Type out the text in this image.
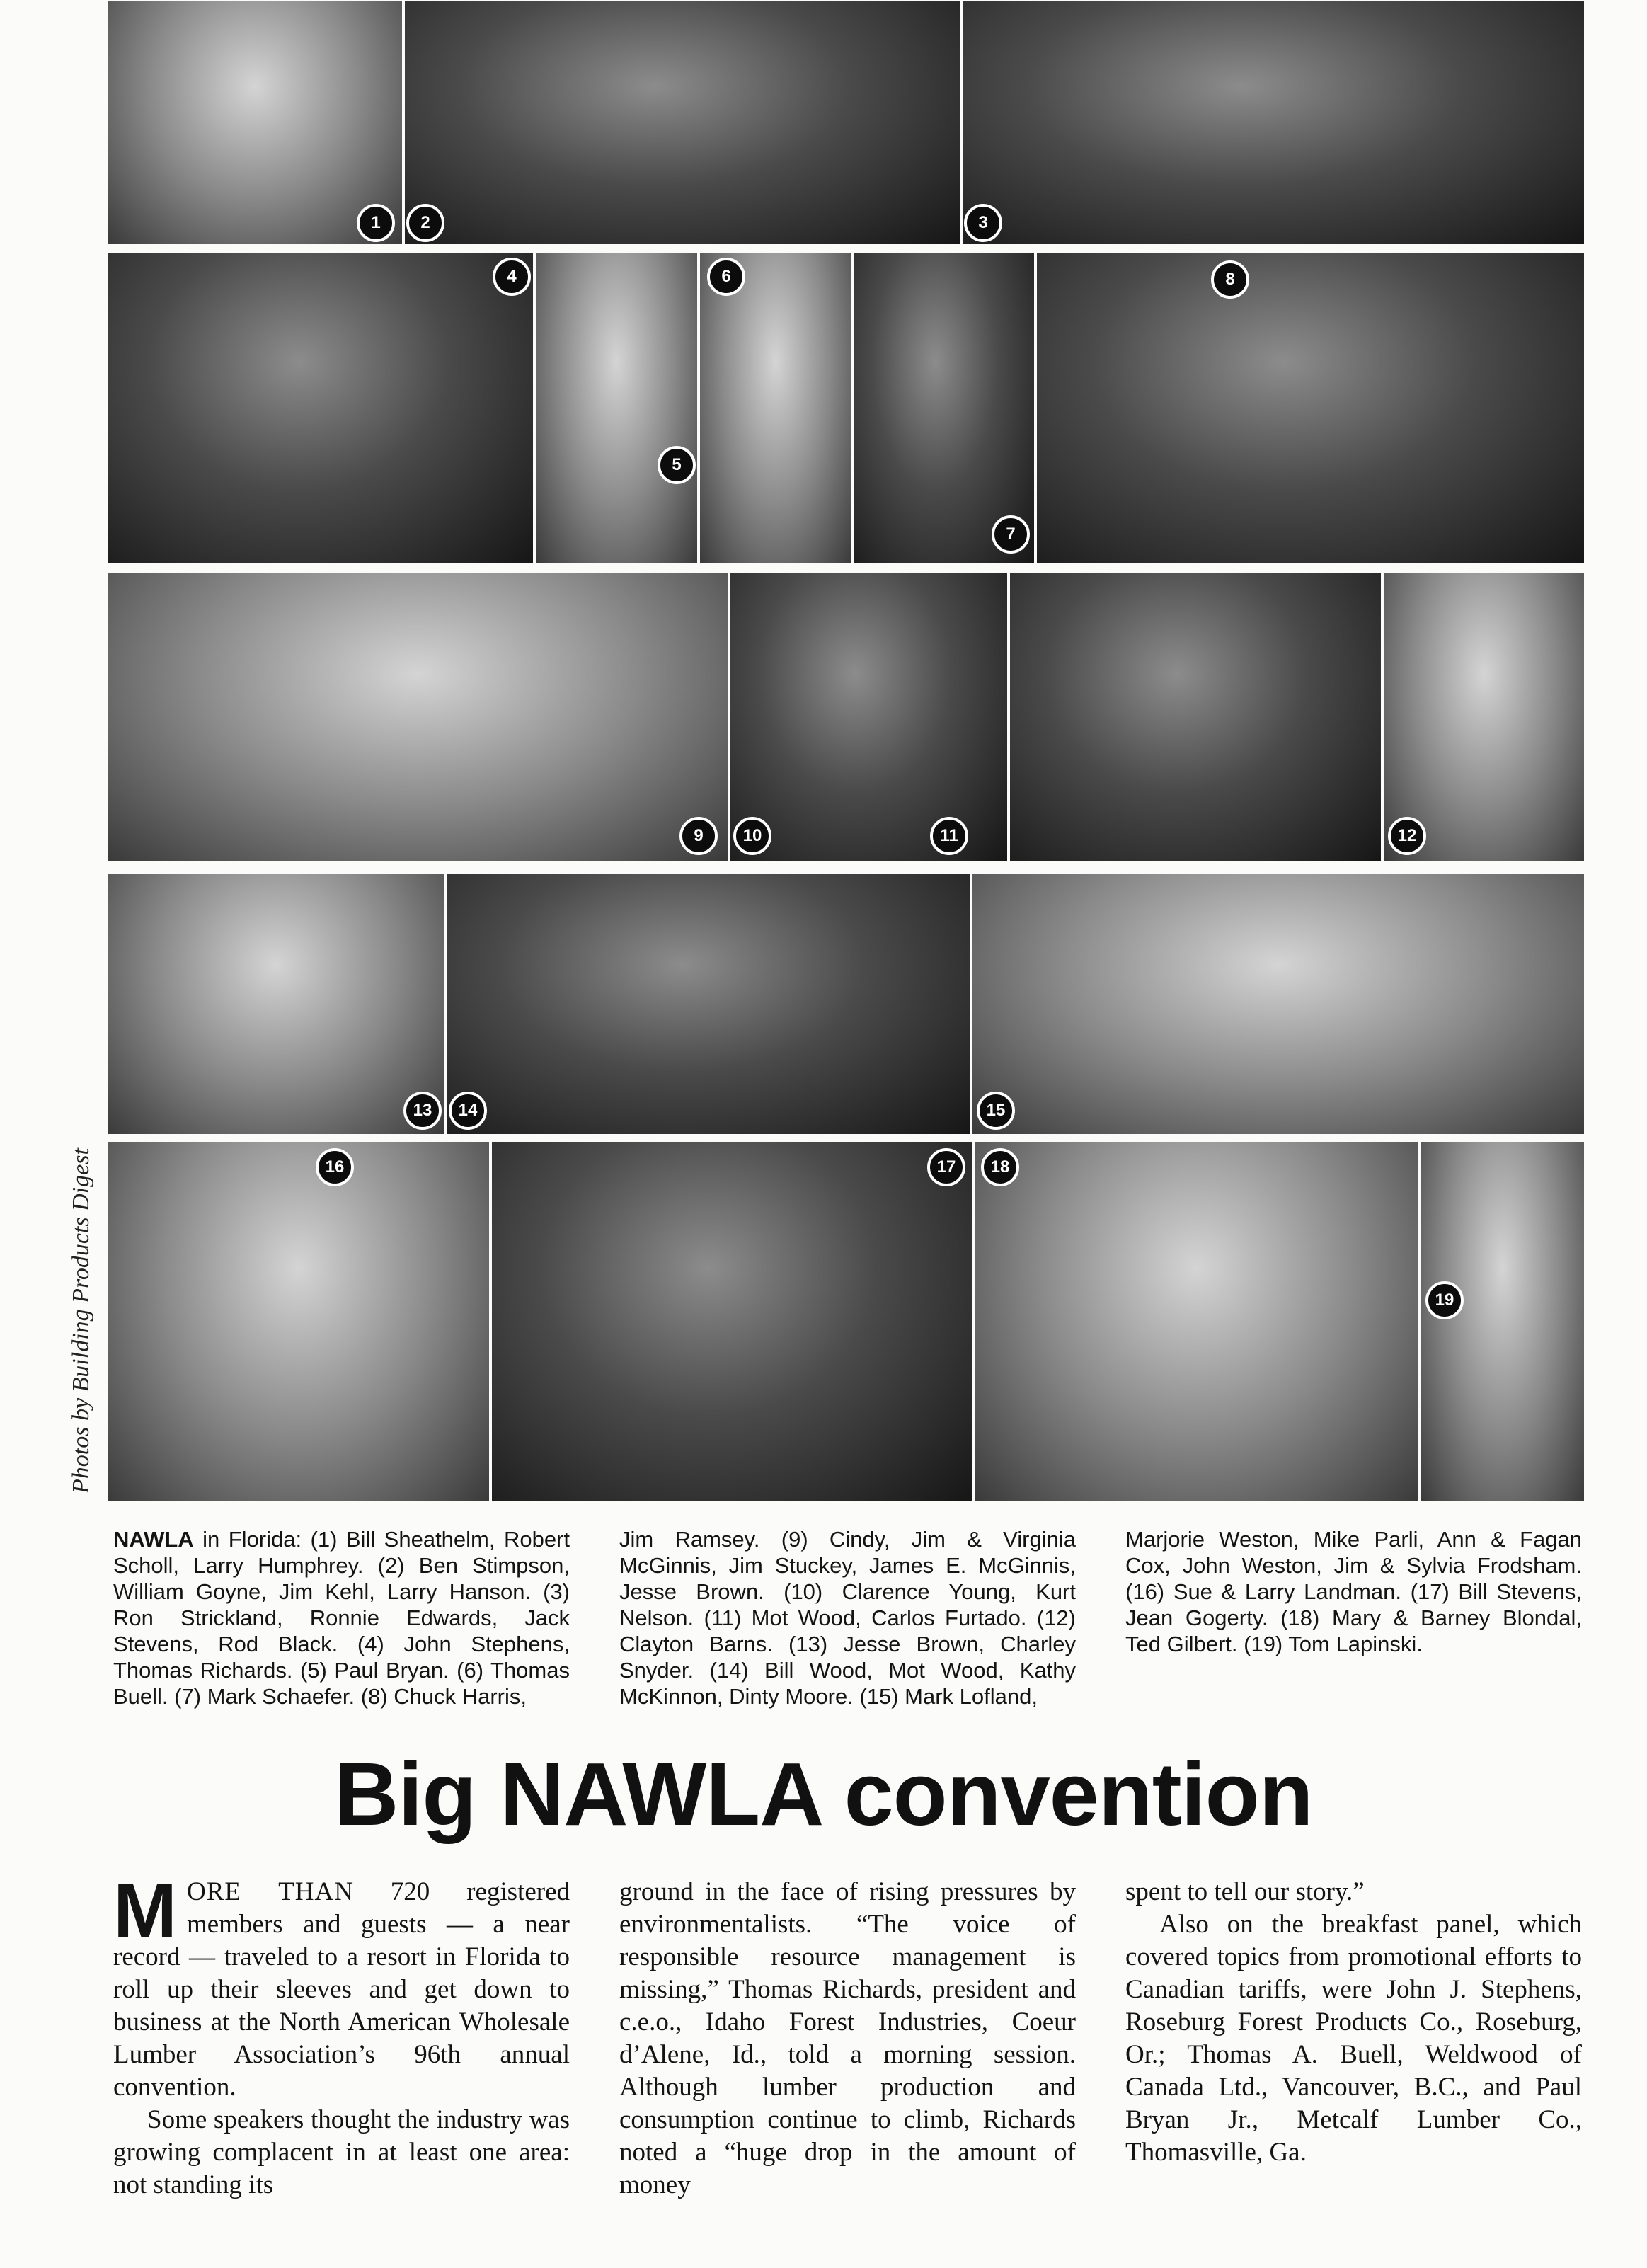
1	2	3
4
5
6
7
8
9	10	11	12
13	14	15
16	17	18
19
Photos by Building Products Digest
NAWLA in Florida: (1) Bill Sheathelm, Robert Scholl, Larry Humphrey. (2) Ben Stimpson, William Goyne, Jim Kehl, Larry Hanson. (3) Ron Strickland, Ronnie Edwards, Jack Stevens, Rod Black. (4) John Stephens, Thomas Richards. (5) Paul Bryan. (6) Thomas Buell. (7) Mark Schaefer. (8) Chuck Harris,
Jim Ramsey. (9) Cindy, Jim & Virginia McGinnis, Jim Stuckey, James E. McGinnis, Jesse Brown. (10) Clarence Young, Kurt Nelson. (11) Mot Wood, Carlos Furtado. (12) Clayton Barns. (13) Jesse Brown, Charley Snyder. (14) Bill Wood, Mot Wood, Kathy McKinnon, Dinty Moore. (15) Mark Lofland,
Marjorie Weston, Mike Parli, Ann & Fagan Cox, John Weston, Jim & Sylvia Frodsham. (16) Sue & Larry Landman. (17) Bill Stevens, Jean Gogerty. (18) Mary & Barney Blondal, Ted Gilbert. (19) Tom Lapinski.
Big NAWLA convention

MORE THAN 720 registered members and guests — a near record — traveled to a resort in Florida to roll up their sleeves and get down to business at the North American Wholesale Lumber Association’s 96th annual convention.

Some speakers thought the industry was growing complacent in at least one area: not standing its

ground in the face of rising pressures by environmentalists. “The voice of responsible resource management is missing,” Thomas Richards, president and c.e.o., Idaho Forest Industries, Coeur d’Alene, Id., told a morning session. Although lumber production and consumption continue to climb, Richards noted a “huge drop in the amount of money

spent to tell our story.”

Also on the breakfast panel, which covered topics from promotional efforts to Canadian tariffs, were John J. Stephens, Roseburg Forest Products Co., Roseburg, Or.; Thomas A. Buell, Weldwood of Canada Ltd., Vancouver, B.C., and Paul Bryan Jr., Metcalf Lumber Co., Thomasville, Ga.
